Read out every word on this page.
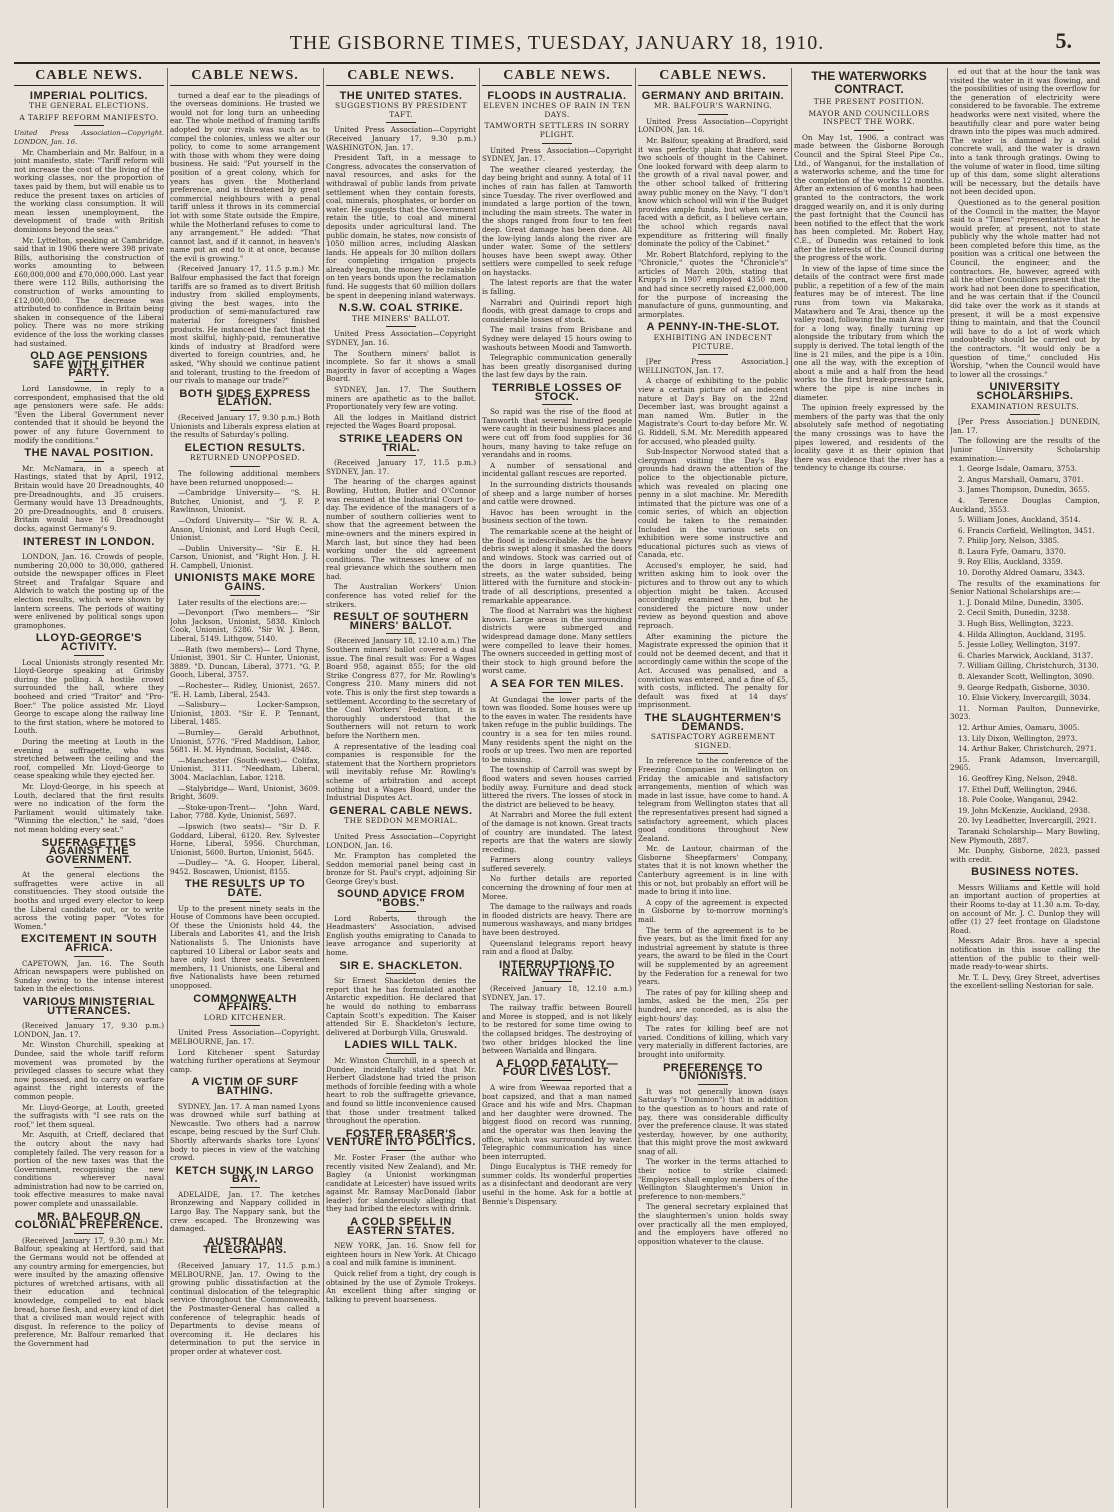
THE GISBORNE TIMES, TUESDAY, JANUARY 18, 1910.	5.
CABLE NEWS.
IMPERIAL POLITICS.
THE GENERAL ELECTIONS.
A TARIFF REFORM MANIFESTO.
United Press Association—Copyright. LONDON, Jan. 16.
Mr. Chamberlain and Mr. Balfour, in a joint manifesto, state: "Tariff reform will not increase the cost of the living of the working classes, nor the proportion of taxes paid by them, but will enable us to reduce the present taxes on articles of the working class consumption. It will mean lessen unemployment, the development of trade with British dominions beyond the seas."
Mr. Lyttelton, speaking at Cambridge, said that in 1906 there were 398 private Bills, authorising the construction of works amounting to between £60,000,000 and £70,000,000. Last year there were 112 Bills, authorising the construction of works amounting to £12,000,000. The decrease was attributed to confidence in Britain being shaken in consequence of the Liberal policy. There was no more striking evidence of the loss the working classes had sustained.
OLD AGE PENSIONS SAFE WITH EITHER PARTY.
Lord Lansdowne, in reply to a correspondent, emphasised that the old age pensioners were safe. He adds: "Even the Liberal Government never contended that it should be beyond the power of any future Government to modify the conditions."
THE NAVAL POSITION.
Mr. McNamara, in a speech at Hastings, stated that by April, 1912, Britain would have 20 Dreadnoughts, 40 pre-Dreadnoughts, and 35 cruisers. Germany would have 13 Dreadnoughts, 20 pre-Dreadnoughts, and 8 cruisers. Britain would have 16 Dreadnought docks, against Germany's 9.
INTEREST IN LONDON.
LONDON, Jan. 16. Crowds of people, numbering 20,000 to 30,000, gathered outside the newspaper offices in Fleet Street and Trafalgar Square and Aldwich to watch the posting up of the election results, which were shown by lantern screens. The periods of waiting were enlivened by political songs upon gramophones.
LLOYD-GEORGE'S ACTIVITY.
Local Unionists strongly resented Mr. Lloyd-George speaking at Grimsby during the polling. A hostile crowd surrounded the hall, where they booheed and cried "Traitor" and "Pro-Boer." The police assisted Mr. Lloyd George to escape along the railway line to the first station, where he motored to Louth.
During the meeting at Louth in the evening a suffragette, who was stretched between the ceiling and the roof, compelled Mr. Lloyd-George to cease speaking while they ejected her.
Mr. Lloyd-George, in his speech at Louth, declared that the first results were no indication of the form the Parliament would ultimately take. "Winning the election," he said, "does not mean holding every seat."
SUFFRAGETTES AGAINST THE GOVERNMENT.
At the general elections the suffragettes were active in all constituencies. They stood outside the booths and urged every elector to keep the Liberal candidate out, or to write across the voting paper "Votes for Women."
EXCITEMENT IN SOUTH AFRICA.
CAPETOWN, Jan. 16. The South African newspapers were published on Sunday owing to the intense interest taken in the elections.
VARIOUS MINISTERIAL UTTERANCES.
(Received January 17, 9.30 p.m.) LONDON, Jan. 17.
Mr. Winston Churchill, speaking at Dundee, said the whole tariff reform movement was promoted by the privileged classes to secure what they now possessed, and to carry on warfare against the right interests of the common people.
Mr. Lloyd-George, at Louth, greeted the suffragists with "I see rats on the roof," let them squeal.
Mr. Asquith, at Crieff, declared that the outcry about the navy had completely failed. The very reason for a portion of the new taxes was that the Government, recognising the new conditions wherever naval administration had now to be carried on, took effective measures to make naval power complete and unassailable.
MR. BALFOUR ON COLONIAL PREFERENCE.
(Received January 17, 9.30 p.m.) Mr. Balfour, speaking at Hertford, said that the Germans would not be offended at any country arming for emergencies, but were insulted by the amazing offensive pictures of wretched artisans, with all their education and technical knowledge, compelled to eat black bread, horse flesh, and every kind of diet that a civilised man would reject with disgust. In reference to the policy of preference, Mr. Balfour remarked that the Government had
CABLE NEWS.
turned a deaf ear to the pleadings of the overseas dominions. He trusted we would not for long turn an unheeding ear. The whole method of framing tariffs adopted by our rivals was such as to compel the colonies, unless we alter our policy, to come to some arrangement with those with whom they were doing business. He said: "Put yourself in the position of a great colony, which for years has given the Motherland preference, and is threatened by great commercial neighbours with a penal tariff unless it throws in its commercial lot with some State outside the Empire, while the Motherland refuses to come to any arrangement." He added: "That cannot last, and if it cannot, in heaven's name put an end to it at once, because the evil is growing."
(Received January 17, 11.5 p.m.) Mr. Balfour emphasised the fact that foreign tariffs are so framed as to divert British industry from skilled employments, giving the best wages, into the production of semi-manufactured raw material for foreigners' finished products. He instanced the fact that the most skilful, highly-paid, remunerative kinds of industry at Bradford were diverted to foreign countries, and, he asked, "Why should we continue patient and tolerant, trusting to the freedom of our rivals to manage our trade?"
BOTH SIDES EXPRESS ELATION.
(Received January 17, 9.30 p.m.) Both Unionists and Liberals express elation at the results of Saturday's polling.
ELECTION RESULTS.
RETURNED UNOPPOSED.
The following additional members have been returned unopposed:—
—Cambridge University— "S. H. Butcher, Unionist, and "J. F. P. Rawlinson, Unionist.
—Oxford University— "Sir W. R. A. Anson, Unionist, and Lord Hugh Cecil, Unionist.
—Dublin University— "Sir E. H. Carson, Unionist, and "Right Hon. J. H. H. Campbell, Unionist.
UNIONISTS MAKE MORE GAINS.
Later results of the elections are:—
—Devonport (Two members— "Sir John Jackson, Unionist, 5838. Kinloch Cook, Unionist, 5286. "Sir W. J. Benn, Liberal, 5149. Lithgow, 5140.
—Bath (two members)— Lord Thyne, Unionist, 3901. Sir C. Hunter, Unionist, 3889. "D. Duncan, Liberal, 3771. "G. P. Gooch, Liberal, 3757.
—Rochester— Ridley, Unionist, 2657. "E. H. Lamb, Liberal, 2543.
—Salisbury— Locker-Sampson, Unionist, 1803. "Sir E. P. Tennant, Liberal, 1485.
—Burnley— Gerald Arbuthnot, Unionist, 5776. "Fred Maddison, Labor, 5681. H. M. Hyndman, Socialist, 4948.
—Manchester (South-west)— Colifax, Unionist, 3111. "Needham, Liberal, 3004. Maclachlan, Labor, 1218.
—Stalybridge— Ward, Unionist, 3609. Bright, 3609.
—Stoke-upon-Trent— "John Ward, Labor, 7788. Kyde, Unionist, 5697.
—Ipswich (two seats)— "Sir D. F. Goddard, Liberal, 6120. Rev. Sylvester Horne, Liberal, 5956. Churchman, Unionist, 5600. Burton, Unionist, 5645.
—Dudley— "A. G. Hooper, Liberal, 9452. Boscawen, Unionist, 8155.
THE RESULTS UP TO DATE.
Up to the present ninety seats in the House of Commons have been occupied. Of these the Unionists hold 44, the Liberals and Laborites 41, and the Irish Nationalists 5. The Unionists have captured 10 Liberal or Labor seats and have only lost three seats. Seventeen members, 11 Unionists, one Liberal and five Nationalists have been returned unopposed.
COMMONWEALTH AFFAIRS.
LORD KITCHENER.
United Press Association—Copyright. MELBOURNE, Jan. 17.
Lord Kitchener spent Saturday watching further operations at Seymour camp.
A VICTIM OF SURF BATHING.
SYDNEY, Jan. 17. A man named Lyons was drowned while surf bathing at Newcastle. Two others had a narrow escape, being rescued by the Surf Club. Shortly afterwards sharks tore Lyons' body to pieces in view of the watching crowd.
KETCH SUNK IN LARGO BAY.
ADELAIDE, Jan. 17. The ketches Bronzewing and Nappary collided in Largo Bay. The Nappary sank, but the crew escaped. The Bronzewing was damaged.
AUSTRALIAN TELEGRAPHS.
(Received January 17, 11.5 p.m.) MELBOURNE, Jan. 17. Owing to the growing public dissatisfaction at the continual dislocation of the telegraphic service throughout the Commonwealth, the Postmaster-General has called a conference of telegraphic heads of Departments to devise means of overcoming it. He declares his determination to put the service in proper order at whatever cost.
CABLE NEWS.
THE UNITED STATES.
SUGGESTIONS BY PRESIDENT TAFT.
United Press Association—Copyright (Received January 17, 9.30 p.m.) WASHINGTON, Jan. 17.
President Taft, in a message to Congress, advocates the conservation of naval resources, and asks for the withdrawal of public lands from private settlement when they contain forests, coal, minerals, phosphates, or border on water. He suggests that the Government retain the title, to coal and mineral deposits under agricultural land. The public domain, he states, now consists of 1050 million acres, including Alaskan lands. He appeals for 30 million dollars for completing irrigation projects already begun, the money to be raisable on ten years bonds upon the reclamation fund. He suggests that 60 million dollars be spent in deepening inland waterways.
N.S.W. COAL STRIKE.
THE MINERS' BALLOT.
United Press Association—Copyright SYDNEY, Jan. 16.
The Southern miners' ballot is incomplete. So far it shows a small majority in favor of accepting a Wages Board.
SYDNEY, Jan. 17. The Southern miners are apathetic as to the ballot. Proportionately very few are voting.
All the lodges in Maitland district rejected the Wages Board proposal.
STRIKE LEADERS ON TRIAL.
(Received January 17, 11.5 p.m.) SYDNEY, Jan. 17.
The hearing of the charges against Bowling, Hutton, Butler and O'Connor was resumed at the Industrial Court to-day. The evidence of the managers of a number of southern collieries went to show that the agreement between the mine-owners and the miners expired in March last, but since they had been working under the old agreement conditions. The witnesses knew of no real grievance which the southern men had.
The Australian Workers' Union conference has voted relief for the strikers.
RESULT OF SOUTHERN MINERS' BALLOT.
(Received January 18, 12.10 a.m.) The Southern miners' ballot covered a dual issue. The final result was: For a Wages Board 958, against 855; for the old Strike Congress 877, for Mr. Rowling's Congress 210. Many miners did not vote. This is only the first step towards a settlement. According to the secretary of the Coal Workers' Federation, it is thoroughly understood that the Southerners will not return to work before the Northern men.
A representative of the leading coal companies is responsible for the statement that the Northern proprietors will inevitably refuse Mr. Rowling's scheme of arbitration and accept nothing but a Wages Board, under the Industrial Disputes Act.
GENERAL CABLE NEWS.
THE SEDDON MEMORIAL.
United Press Association—Copyright LONDON, Jan. 16.
Mr. Frampton has completed the Seddon memorial panel being cast in bronze for St. Paul's crypt, adjoining Sir George Grey's bust.
SOUND ADVICE FROM "BOBS."
Lord Roberts, through the Headmasters' Association, advised English youths emigrating to Canada to leave arrogance and superiority at home.
SIR E. SHACKLETON.
Sir Ernest Shackleton denies the report that he has formulated another Antarctic expedition. He declared that he would do nothing to embarrass Captain Scott's expedition. The Kaiser attended Sir E. Shackleton's lecture, delivered at Dorburgh Villa, Gruswald.
LADIES WILL TALK.
Mr. Winston Churchill, in a speech at Dundee, incidentally stated that Mr. Herbert Gladstone had tried the prison methods of forcible feeding with a whole heart to rob the suffragette grievance, and found so little inconvenience caused that those under treatment talked throughout the operation.
FOSTER FRASER'S VENTURE INTO POLITICS.
Mr. Foster Fraser (the author who recently visited New Zealand), and Mr. Bagley (a Unionist workingman candidate at Leicester) have issued writs against Mr. Ramsay MacDonald (labor leader) for slanderously alleging that they had bribed the electors with drink.
A COLD SPELL IN EASTERN STATES.
NEW YORK, Jan. 16. Snow fell for eighteen hours in New York. At Chicago a coal and milk famine is imminent.
Quick relief from a tight, dry cough is obtained by the use of Zymole Trokeys. An excellent thing after singing or talking to prevent hoarseness.
CABLE NEWS.
FLOODS IN AUSTRALIA.
ELEVEN INCHES OF RAIN IN TEN DAYS.
TAMWORTH SETTLERS IN SORRY PLIGHT.
United Press Association—Copyright SYDNEY, Jan. 17.
The weather cleared yesterday, the day being bright and sunny. A total of 11 inches of rain has fallen at Tamworth since Tuesday. The river overflowed and inundated a large portion of the town, including the main streets. The water in the shops ranged from four to ten feet deep. Great damage has been done. All the low-lying lands along the river are under water. Some of the settlers' houses have been swept away. Other settlers were compelled to seek refuge on haystacks.
The latest reports are that the water is falling.
Narrabri and Quirindi report high floods, with great damage to crops and considerable losses of stock.
The mail trains from Brisbane and Sydney were delayed 15 hours owing to washouts between Moodi and Tamworth.
Telegraphic communication generally has been greatly disorganised during the last few days by the rain.
TERRIBLE LOSSES OF STOCK.
So rapid was the rise of the flood at Tamworth that several hundred people were caught in their business places and were cut off from food supplies for 36 hours, many having to take refuge on verandahs and in rooms.
A number of sensational and incidental gallant rescues are reported.
In the surrounding districts thousands of sheep and a large number of horses and cattle were drowned.
Havoc has been wrought in the business section of the town.
The remarkable scene at the height of the flood is indescribable. As the heavy debris swept along it smashed the doors and windows. Stock was carried out of the doors in large quantities. The streets, as the water subsided, being littered with the furniture and stock-in-trade of all descriptions, presented a remarkable appearance.
The flood at Narrabri was the highest known. Large areas in the surrounding districts were submerged and widespread damage done. Many settlers were compelled to leave their homes. The owners succeeded in getting most of their stock to high ground before the worst came.
A SEA FOR TEN MILES.
At Gundagai the lower parts of the town was flooded. Some houses were up to the eaves in water. The residents have taken refuge in the public buildings. The country is a sea for ten miles round. Many residents spent the night on the roofs or up trees. Two men are reported to be missing.
The township of Carroll was swept by flood waters and seven houses carried bodily away. Furniture and dead stock littered the rivers. The losses of stock in the district are believed to be heavy.
At Narrabri and Moree the full extent of the damage is not known. Great tracts of country are inundated. The latest reports are that the waters are slowly receding.
Farmers along country valleys suffered severely.
No further details are reported concerning the drowning of four men at Moree.
The damage to the railways and roads in flooded districts are heavy. There are numerous washaways, and many bridges have been destroyed.
Queensland telegrams report heavy rain and a flood at Dalby.
INTERRUPTIONS TO RAILWAY TRAFFIC.
(Received January 18, 12.10 a.m.) SYDNEY, Jan. 17.
The railway traffic between Bourell and Moree is stopped, and is not likely to be restored for some time owing to the collapsed bridges. The destroying of two other bridges blocked the line between Warialda and Bingara.
A FLOOD FATALITY—FOUR LIVES LOST.
A wire from Weewaa reported that a boat capsized, and that a man named Grace and his wife and Mrs. Chapman and her daughter were drowned. The biggest flood on record was running, and the operator was then leaving the office, which was surrounded by water. Telegraphic communication has since been interrupted.
Dingo Eucalyptus is THE remedy for summer colds. Its wonderful properties as a disinfectant and deodorant are very useful in the home. Ask for a bottle at Bennie's Dispensary.
CABLE NEWS.
GERMANY AND BRITAIN.
MR. BALFOUR'S WARNING.
United Press Association—Copyright LONDON, Jan. 16.
Mr. Balfour, speaking at Bradford, said it was perfectly plain that there were two schools of thought in the Cabinet. One looked forward with deep alarm to the growth of a rival naval power, and the other school talked of frittering away public money on the Navy. "I don't know which school will win if the Budget provides ample funds, but when we are faced with a deficit, as I believe certain, the school which regards naval expenditure as frittering will finally dominate the policy of the Cabinet."
Mr. Robert Blatchford, replying to the "Chronicle," quotes the "Chronicle's" articles of March 20th, stating that Krupp's in 1907 employed 4350 men, and had since secretly raised £2,000,000 for the purpose of increasing the manufacture of guns, gunmounting, and armorplates.
A PENNY-IN-THE-SLOT.
EXHIBITING AN INDECENT PICTURE.
[Per Press Association.] WELLINGTON, Jan. 17.
A charge of exhibiting to the public view a certain picture of an indecent nature at Day's Bay on the 22nd December last, was brought against a man named Wm. Butler in the Magistrate's Court to-day before Mr. W. G. Riddell, S.M. Mr. Meredith appeared for accused, who pleaded guilty.
Sub-Inspector Norwood stated that a clergyman visiting the Day's Bay grounds had drawn the attention of the police to the objectionable picture, which was revealed on placing one penny in a slot machine. Mr. Meredith intimated that the picture was one of a comic series, of which an objection could be taken to the remainder. Included in the various sets on exhibition were some instructive and educational pictures such as views of Canada, etc.
Accused's employer, he said, had written asking him to look over the pictures and to throw out any to which objection might be taken. Accused accordingly examined them, but he considered the picture now under review as beyond question and above reproach.
After examining the picture the Magistrate expressed the opinion that it could not be deemed decent, and that it accordingly came within the scope of the Act. Accused was penalised, and a conviction was entered, and a fine of £5, with costs, inflicted. The penalty for default was fixed at 14 days' imprisonment.
THE SLAUGHTERMEN'S DEMANDS.
SATISFACTORY AGREEMENT SIGNED.
In reference to the conference of the Freezing Companies in Wellington on Friday the amicable and satisfactory arrangements, mention of which was made in last issue, have come to hand. A telegram from Wellington states that all the representatives present had signed a satisfactory agreement, which places good conditions throughout New Zealand.
Mr. de Lautour, chairman of the Gisborne Sheepfarmers' Company, states that it is not known whether the Canterbury agreement is in line with this or not, but probably an effort will be made to bring it into line.
A copy of the agreement is expected in Gisborne by to-morrow morning's mail.
The term of the agreement is to be five years, but as the limit fixed for any industrial agreement by statute is three years, the award to be filed in the Court will be supplemented by an agreement by the Federation for a renewal for two years.
The rates of pay for killing sheep and lambs, asked be the men, 25s per hundred, are conceded, as is also the eight-hours' day.
The rates for killing beef are not varied. Conditions of killing, which vary very materially in different factories, are brought into uniformity.
PREFERENCE TO UNIONISTS.
It was not generally known (says Saturday's "Dominion") that in addition to the question as to hours and rate of pay, there was considerable difficulty over the preference clause. It was stated yesterday, however, by one authority, that this might prove the most awkward snag of all.
The worker in the terms attached to their notice to strike claimed: "Employers shall employ members of the Wellington Slaughtermen's Union in preference to non-members."
The general secretary explained that the slaughtermen's union holds sway over practically all the men employed, and the employers have offered no opposition whatever to the clause.
THE WATERWORKS CONTRACT.
THE PRESENT POSITION.
MAYOR AND COUNCILLORS INSPECT THE WORK.
On May 1st, 1906, a contract was made between the Gisborne Borough Council and the Spiral Steel Pipe Co., Ltd., of Wanganui, for the installation of a waterworks scheme, and the time for the completion of the works 12 months. After an extension of 6 months had been granted to the contractors, the work dragged wearily on, and it is only during the past fortnight that the Council has been notified to the effect that the work has been completed. Mr. Robert Hay, C.E., of Dunedin was retained to look after the interests of the Council during the progress of the work.
In view of the lapse of time since the details of the contract were first made public, a repetition of a few of the main features may be of interest. The line runs from town via Makaraka, Matawhero and Te Arai, thence up the valley road, following the main Arai river for a long way, finally turning up alongside the tributary from which the supply is derived. The total length of the line is 21 miles, and the pipe is a 10in. one all the way, with the exception of about a mile and a half from the head works to the first break-pressure tank, where the pipe is nine inches in diameter.
The opinion freely expressed by the members of the party was that the only absolutely safe method of negotiating the many crossings was to have the pipes lowered, and residents of the locality gave it as their opinion that there was evidence that the river has a tendency to change its course.
ed out that at the hour the tank was visited the water in it was flowing, and the possibilities of using the overflow for the generation of electricity were considered to be favorable. The extreme headworks were next visited, where the beautifully clear and pure water being drawn into the pipes was much admired. The water is dammed by a solid concrete wall, and the water is drawn into a tank through gratings. Owing to the volume of water in flood, time silting up of this dam, some slight alterations will be necessary, but the details have not been decided upon.
Questioned as to the general position of the Council in the matter, the Mayor said to a "Times" representative that he would prefer, at present, not to state publicly why the whole matter had not been completed before this time, as the position was a critical one between the Council, the engineer, and the contractors. He, however, agreed with all the other Councillors present that the work had not been done to specification, and he was certain that if the Council did take over the work as it stands at present, it will be a most expensive thing to maintain, and that the Council will have to do a lot of work which undoubtedly should be carried out by the contractors. "It would only be a question of time," concluded His Worship, "when the Council would have to lower all the crossings."
UNIVERSITY SCHOLARSHIPS.
EXAMINATION RESULTS.
[Per Press Association.] DUNEDIN, Jan. 17.
The following are the results of the Junior University Scholarship examination:—
1. George Isdale, Oamaru, 3753.
2. Angus Marshall, Oamaru, 3701.
3. James Thompson, Dunedin, 3655.
4. Terence Douglas Campion, Auckland, 3553.
5. William Jones, Auckland, 3514.
6. Francis Corfield, Wellington, 3451.
7. Philip Jory, Nelson, 3385.
8. Laura Fyfe, Oamaru, 3370.
9. Roy Ellis, Auckland, 3359.
10. Dorothy Aldred Oamaru, 3343.
The results of the examinations for Senior National Scholarships are:—
1. J. Donald Milne, Dunedin, 3305.
2. Cecil Smith, Dunedin, 3238.
3. Hugh Biss, Wellington, 3223.
4. Hilda Allington, Auckland, 3195.
5. Jessie Lolley, Wellington, 3197.
6. Charles Marwick, Auckland, 3137.
7. William Gilling, Christchurch, 3130.
8. Alexander Scott, Wellington, 3090.
9. George Redpath, Gisborne, 3030.
10. Elsie Vickery, Invercargill, 3034.
11. Norman Paulton, Dunnevirke, 3023.
12. Arthur Amies, Oamaru, 3005.
13. Lily Dixon, Wellington, 2973.
14. Arthur Baker, Christchurch, 2971.
15. Frank Adamson, Invercargill, 2965.
16. Geoffrey King, Nelson, 2948.
17. Ethel Duff, Wellington, 2946.
18. Pole Cooke, Wanganui, 2942.
19. John McKenzie, Auckland, 2938.
20. Ivy Leadbetter, Invercargill, 2921.
Taranaki Scholarship— Mary Bowling, New Plymouth, 2887.
Mr. Dunphy, Gisborne, 2823, passed with credit.
BUSINESS NOTES.
Messrs Williams and Kettle will hold an important auction of properties at their Rooms to-day at 11.30 a.m. To-day, on account of Mr. J. C. Dunlop they will offer (1) 27 feet frontage on Gladstone Road.
Messrs Adair Bros. have a special notification in this issue calling the attention of the public to their well-made ready-to-wear shirts.
Mr. T. L. Devy, Grey Street, advertises the excellent-selling Nestorian for sale.
